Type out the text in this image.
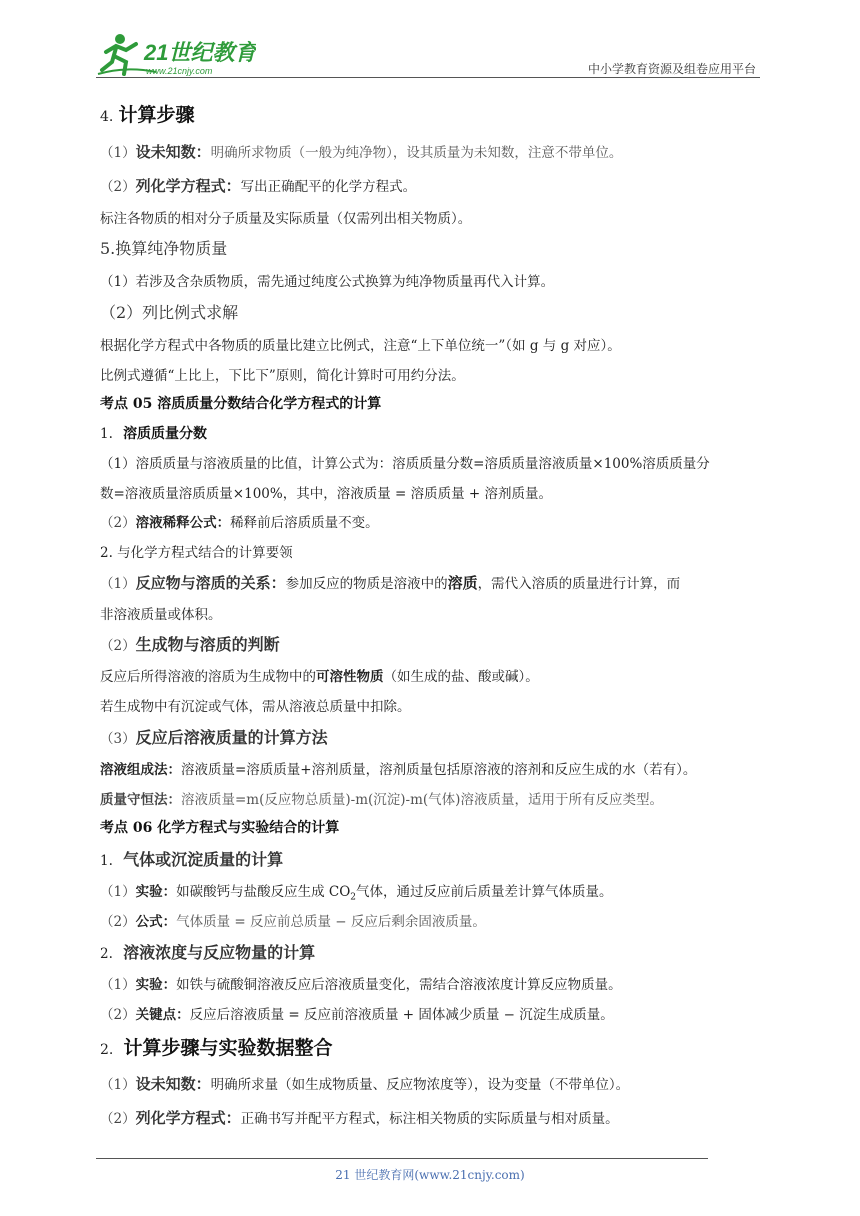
21世纪教育
www.21cnjy.com	中小学教育资源及组卷应用平台
4. 计算步骤
（1）设未知数：明确所求物质（一般为纯净物），设其质量为未知数，注意不带单位。
（2）列化学方程式：写出正确配平的化学方程式。
标注各物质的相对分子质量及实际质量（仅需列出相关物质）。
5.换算纯净物质量
（1）若涉及含杂质物质，需先通过纯度公式换算为纯净物质量再代入计算。
（2）列比例式求解
根据化学方程式中各物质的质量比建立比例式，注意“上下单位统一”（如 g 与 g 对应）。
比例式遵循“上比上，下比下”原则，简化计算时可用约分法。
考点 05 溶质质量分数结合化学方程式的计算
1. 溶质质量分数
（1）溶质质量与溶液质量的比值，计算公式为：溶质质量分数=溶质质量溶液质量×100%溶质质量分
数=溶液质量溶质质量×100%，其中，溶液质量 = 溶质质量 + 溶剂质量。
（2）溶液稀释公式：稀释前后溶质质量不变。
2. 与化学方程式结合的计算要领
（1）反应物与溶质的关系：参加反应的物质是溶液中的溶质，需代入溶质的质量进行计算，而
非溶液质量或体积。
（2）生成物与溶质的判断
反应后所得溶液的溶质为生成物中的可溶性物质（如生成的盐、酸或碱）。
若生成物中有沉淀或气体，需从溶液总质量中扣除。
（3）反应后溶液质量的计算方法
溶液组成法：溶液质量=溶质质量+溶剂质量，溶剂质量包括原溶液的溶剂和反应生成的水（若有）。
质量守恒法：溶液质量=m(反应物总质量)-m(沉淀)-m(气体)溶液质量，适用于所有反应类型。
考点 06 化学方程式与实验结合的计算
1. 气体或沉淀质量的计算
（1）实验：如碳酸钙与盐酸反应生成 $CO_2$气体，通过反应前后质量差计算气体质量。
（2）公式：气体质量 = 反应前总质量 − 反应后剩余固液质量。
2. 溶液浓度与反应物量的计算
（1）实验：如铁与硫酸铜溶液反应后溶液质量变化，需结合溶液浓度计算反应物质量。
（2）关键点：反应后溶液质量 = 反应前溶液质量 + 固体减少质量 − 沉淀生成质量。
2. 计算步骤与实验数据整合
（1）设未知数：明确所求量（如生成物质量、反应物浓度等），设为变量（不带单位）。
（2）列化学方程式：正确书写并配平方程式，标注相关物质的实际质量与相对质量。
21 世纪教育网(www.21cnjy.com)
